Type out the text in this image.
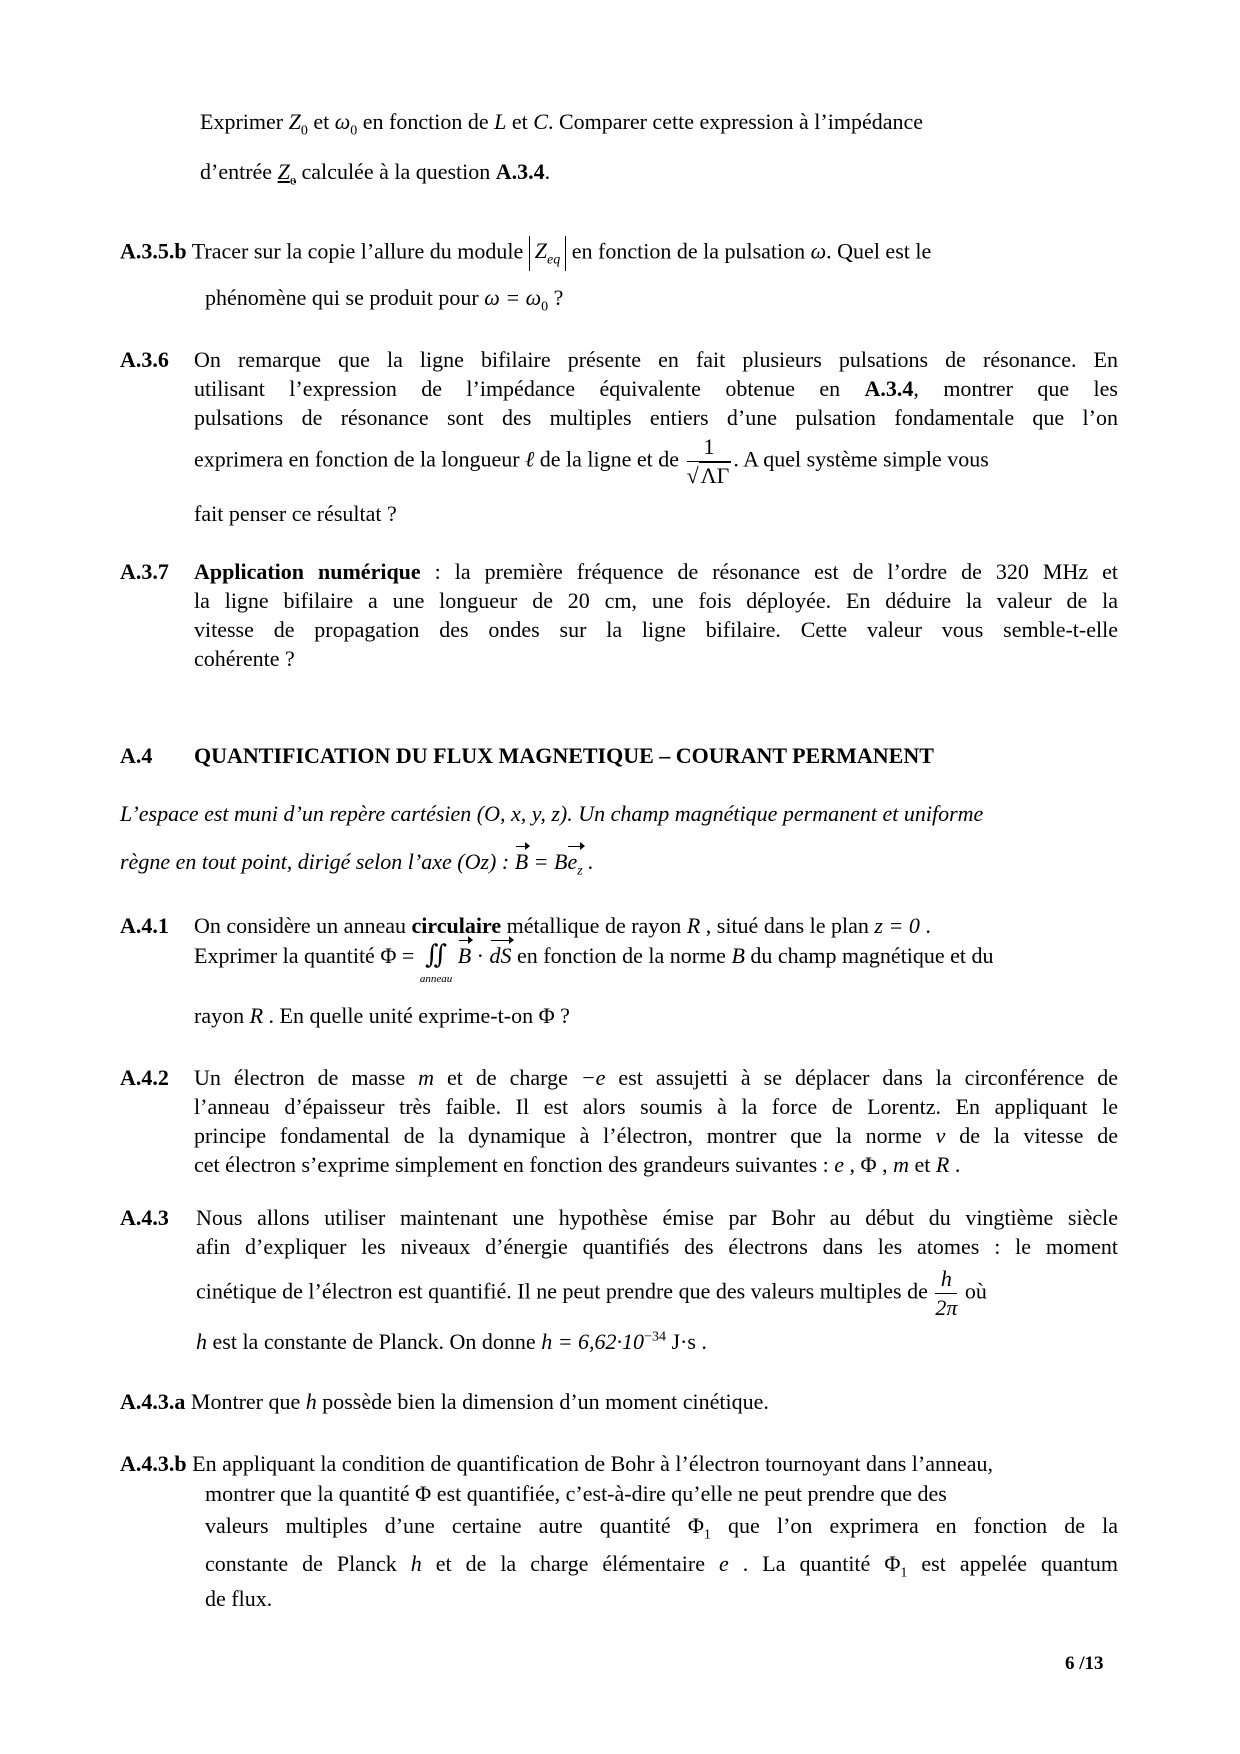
Exprimer $Z_0$ et $\omega_0$ en fonction de L et C. Comparer cette expression à l’impédance
d’entrée $Z_e$ calculée à la question A.3.4.
A.3.5.b Tracer sur la copie l’allure du module $Z_{eq}$ en fonction de la pulsation ω. Quel est le
phénomène qui se produit pour $\omega = \omega_0$ ?
A.3.6 On remarque que la ligne bifilaire présente en fait plusieurs pulsations de résonance. En
utilisant l’expression de l’impédance équivalente obtenue en A.3.4, montrer que les
pulsations de résonance sont des multiples entiers d’une pulsation fondamentale que l’on
exprimera en fonction de la longueur ℓ de la ligne et de $\frac{1}{√\Lambda\Gamma}$ . A quel système simple vous
fait penser ce résultat ?
A.3.7 Application numérique : la première fréquence de résonance est de l’ordre de 320 MHz et
la ligne bifilaire a une longueur de 20 cm, une fois déployée. En déduire la valeur de la
vitesse de propagation des ondes sur la ligne bifilaire. Cette valeur vous semble-t-elle
cohérente ?
A.4 QUANTIFICATION DU FLUX MAGNETIQUE – COURANT PERMANENT
L’espace est muni d’un repère cartésien (O, x, y, z). Un champ magnétique permanent et uniforme
règne en tout point, dirigé selon l’axe (Oz) : $B = Be_z$ .
A.4.1 On considère un anneau circulaire métallique de rayon R , situé dans le plan z = 0 .
Exprimer la quantité Φ = ∬
anneau
B · dS en fonction de la norme B du champ magnétique et du
rayon R . En quelle unité exprime-t-on Φ ?
A.4.2 Un électron de masse m et de charge −e est assujetti à se déplacer dans la circonférence de
l’anneau d’épaisseur très faible. Il est alors soumis à la force de Lorentz. En appliquant le
principe fondamental de la dynamique à l’électron, montrer que la norme v de la vitesse de
cet électron s’exprime simplement en fonction des grandeurs suivantes : e , Φ , m et R .
A.4.3 Nous allons utiliser maintenant une hypothèse émise par Bohr au début du vingtième siècle
afin d’expliquer les niveaux d’énergie quantifiés des électrons dans les atomes : le moment
cinétique de l’électron est quantifié. Il ne peut prendre que des valeurs multiples de $\frac{h}{2\pi}$ où
h est la constante de Planck. On donne $h = 6,62\cdot 10^{-34}$ J·s .
A.4.3.a Montrer que h possède bien la dimension d’un moment cinétique.
A.4.3.b En appliquant la condition de quantification de Bohr à l’électron tournoyant dans l’anneau,
montrer que la quantité Φ est quantifiée, c’est-à-dire qu’elle ne peut prendre que des
valeurs multiples d’une certaine autre quantité $\Phi_1$ que l’on exprimera en fonction de la
constante de Planck h et de la charge élémentaire e . La quantité $\Phi_1$ est appelée quantum
de flux.
6 /13
